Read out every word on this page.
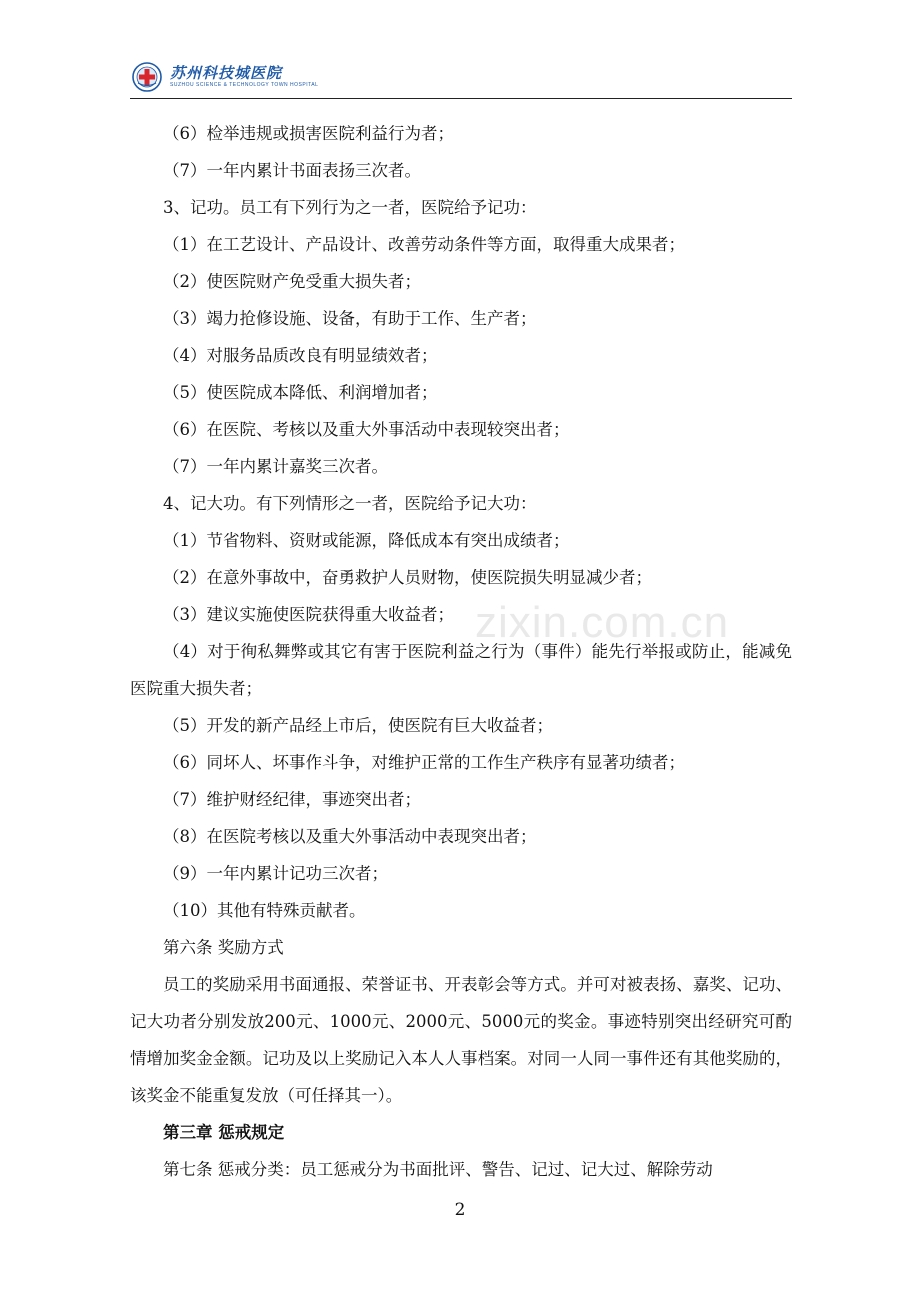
苏州科技城医院
SUZHOU SCIENCE & TECHNOLOGY TOWN HOSPITAL
zixin.com.cn

（6）检举违规或损害医院利益行为者；

（7）一年内累计书面表扬三次者。

3、记功。员工有下列行为之一者，医院给予记功：

（1）在工艺设计、产品设计、改善劳动条件等方面，取得重大成果者；

（2）使医院财产免受重大损失者；

（3）竭力抢修设施、设备，有助于工作、生产者；

（4）对服务品质改良有明显绩效者；

（5）使医院成本降低、利润增加者；

（6）在医院、考核以及重大外事活动中表现较突出者；

（7）一年内累计嘉奖三次者。

4、记大功。有下列情形之一者，医院给予记大功：

（1）节省物料、资财或能源，降低成本有突出成绩者；

（2）在意外事故中，奋勇救护人员财物，使医院损失明显减少者；

（3）建议实施使医院获得重大收益者；

（4）对于徇私舞弊或其它有害于医院利益之行为（事件）能先行举报或防止，能减免医院重大损失者；

（5）开发的新产品经上市后，使医院有巨大收益者；

（6）同坏人、坏事作斗争，对维护正常的工作生产秩序有显著功绩者；

（7）维护财经纪律，事迹突出者；

（8）在医院考核以及重大外事活动中表现突出者；

（9）一年内累计记功三次者；

（10）其他有特殊贡献者。

第六条 奖励方式

员工的奖励采用书面通报、荣誉证书、开表彰会等方式。并可对被表扬、嘉奖、记功、记大功者分别发放200元、1000元、2000元、5000元的奖金。事迹特别突出经研究可酌情增加奖金金额。记功及以上奖励记入本人人事档案。对同一人同一事件还有其他奖励的，该奖金不能重复发放（可任择其一）。

第三章 惩戒规定

第七条 惩戒分类：员工惩戒分为书面批评、警告、记过、记大过、解除劳动

2
